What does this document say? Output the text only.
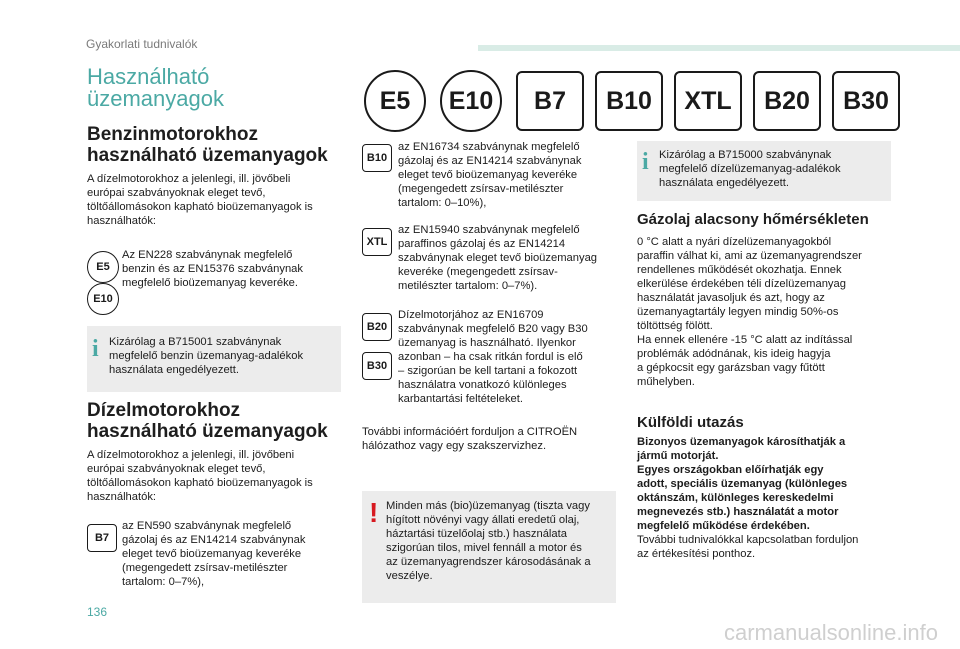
Gyakorlati tudnivalók
Használható
üzemanyagok	E5	E10	B7	B10	XTL	B20	B30
Benzinmotorokhoz
használható üzemanyagok
A dízelmotorokhoz a jelenlegi, ill. jövőbeli
európai szabványoknak eleget tevő,
töltőállomásokon kapható bioüzemanyagok is
használhatók:
E5
E10
Az EN228 szabványnak megfelelő
benzin és az EN15376 szabványnak
megfelelő bioüzemanyag keveréke.
i Kizárólag a B715001 szabványnak
megfelelő benzin üzemanyag-adalékok
használata engedélyezett.
Dízelmotorokhoz
használható üzemanyagok
A dízelmotorokhoz a jelenlegi, ill. jövőbeni
európai szabványoknak eleget tevő,
töltőállomásokon kapható bioüzemanyagok is
használhatók:
B7
az EN590 szabványnak megfelelő
gázolaj és az EN14214 szabványnak
eleget tevő bioüzemanyag keveréke
(megengedett zsírsav-metilészter
tartalom: 0–7%),
B10
az EN16734 szabványnak megfelelő
gázolaj és az EN14214 szabványnak
eleget tevő bioüzemanyag keveréke
(megengedett zsírsav-metilészter
tartalom: 0–10%),
XTL
az EN15940 szabványnak megfelelő
paraffinos gázolaj és az EN14214
szabványnak eleget tevő bioüzemanyag
keveréke (megengedett zsírsav-
metilészter tartalom: 0–7%).
B20
B30
Dízelmotorjához az EN16709
szabványnak megfelelő B20 vagy B30
üzemanyag is használható. Ilyenkor
azonban – ha csak ritkán fordul is elő
– szigorúan be kell tartani a fokozott
használatra vonatkozó különleges
karbantartási feltételeket.
További információért forduljon a CITROËN
hálózathoz vagy egy szakszervizhez.
! Minden más (bio)üzemanyag (tiszta vagy
hígított növényi vagy állati eredetű olaj,
háztartási tüzelőolaj stb.) használata
szigorúan tilos, mivel fennáll a motor és
az üzemanyagrendszer károsodásának a
veszélye.
i Kizárólag a B715000 szabványnak
megfelelő dízelüzemanyag-adalékok
használata engedélyezett.
Gázolaj alacsony hőmérsékleten
0 °C alatt a nyári dízelüzemanyagokból
paraffin válhat ki, ami az üzemanyagrendszer
rendellenes működését okozhatja. Ennek
elkerülése érdekében téli dízelüzemanyag
használatát javasoljuk és azt, hogy az
üzemanyagtartály legyen mindig 50%-os
töltöttség fölött.
Ha ennek ellenére -15 °C alatt az indítással
problémák adódnának, kis ideig hagyja
a gépkocsit egy garázsban vagy fűtött
műhelyben.
Külföldi utazás
Bizonyos üzemanyagok károsíthatják a
jármű motorját.
Egyes országokban előírhatják egy
adott, speciális üzemanyag (különleges
oktánszám, különleges kereskedelmi
megnevezés stb.) használatát a motor
megfelelő működése érdekében.
További tudnivalókkal kapcsolatban forduljon
az értékesítési ponthoz.
136
carmanualsonline.info
